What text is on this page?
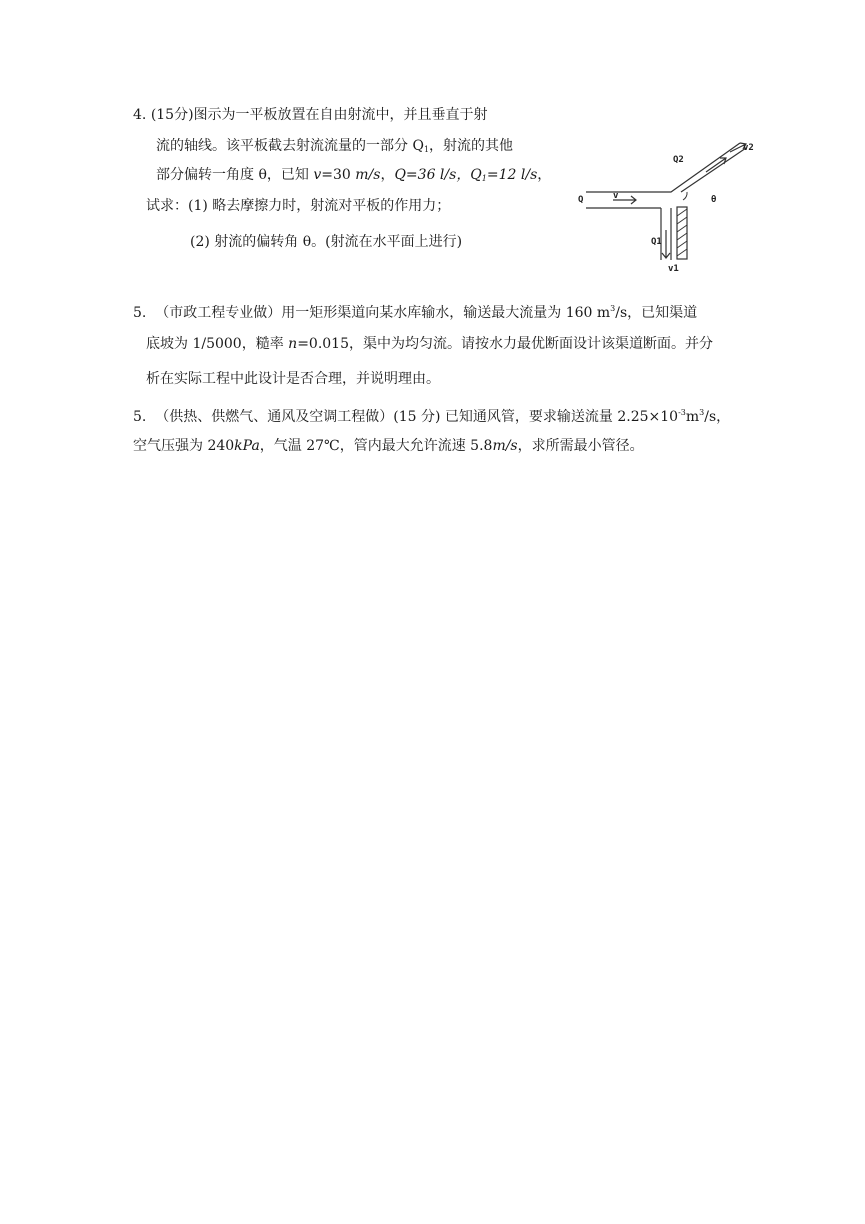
4. (15分)图示为一平板放置在自由射流中，并且垂直于射
流的轴线。该平板截去射流流量的一部分 $Q_1$，射流的其他
部分偏转一角度 θ，已知 v=30 m/s，Q=36 l/s，$Q_1=12$ l/s，
试求：(1) 略去摩擦力时，射流对平板的作用力；
(2) 射流的偏转角 θ。(射流在水平面上进行)
Q	v	θ
Q1
Q2
v1
v2
5. （市政工程专业做）用一矩形渠道向某水库输水，输送最大流量为 160 $m^3/s$，已知渠道
底坡为 1/5000，糙率 n=0.015，渠中为均匀流。请按水力最优断面设计该渠道断面。并分
析在实际工程中此设计是否合理，并说明理由。
5. （供热、供燃气、通风及空调工程做）(15 分) 已知通风管，要求输送流量 $2.25\times 10^{-3}m^3/s$，
空气压强为 240kPa，气温 27℃，管内最大允许流速 5.8m/s，求所需最小管径。
